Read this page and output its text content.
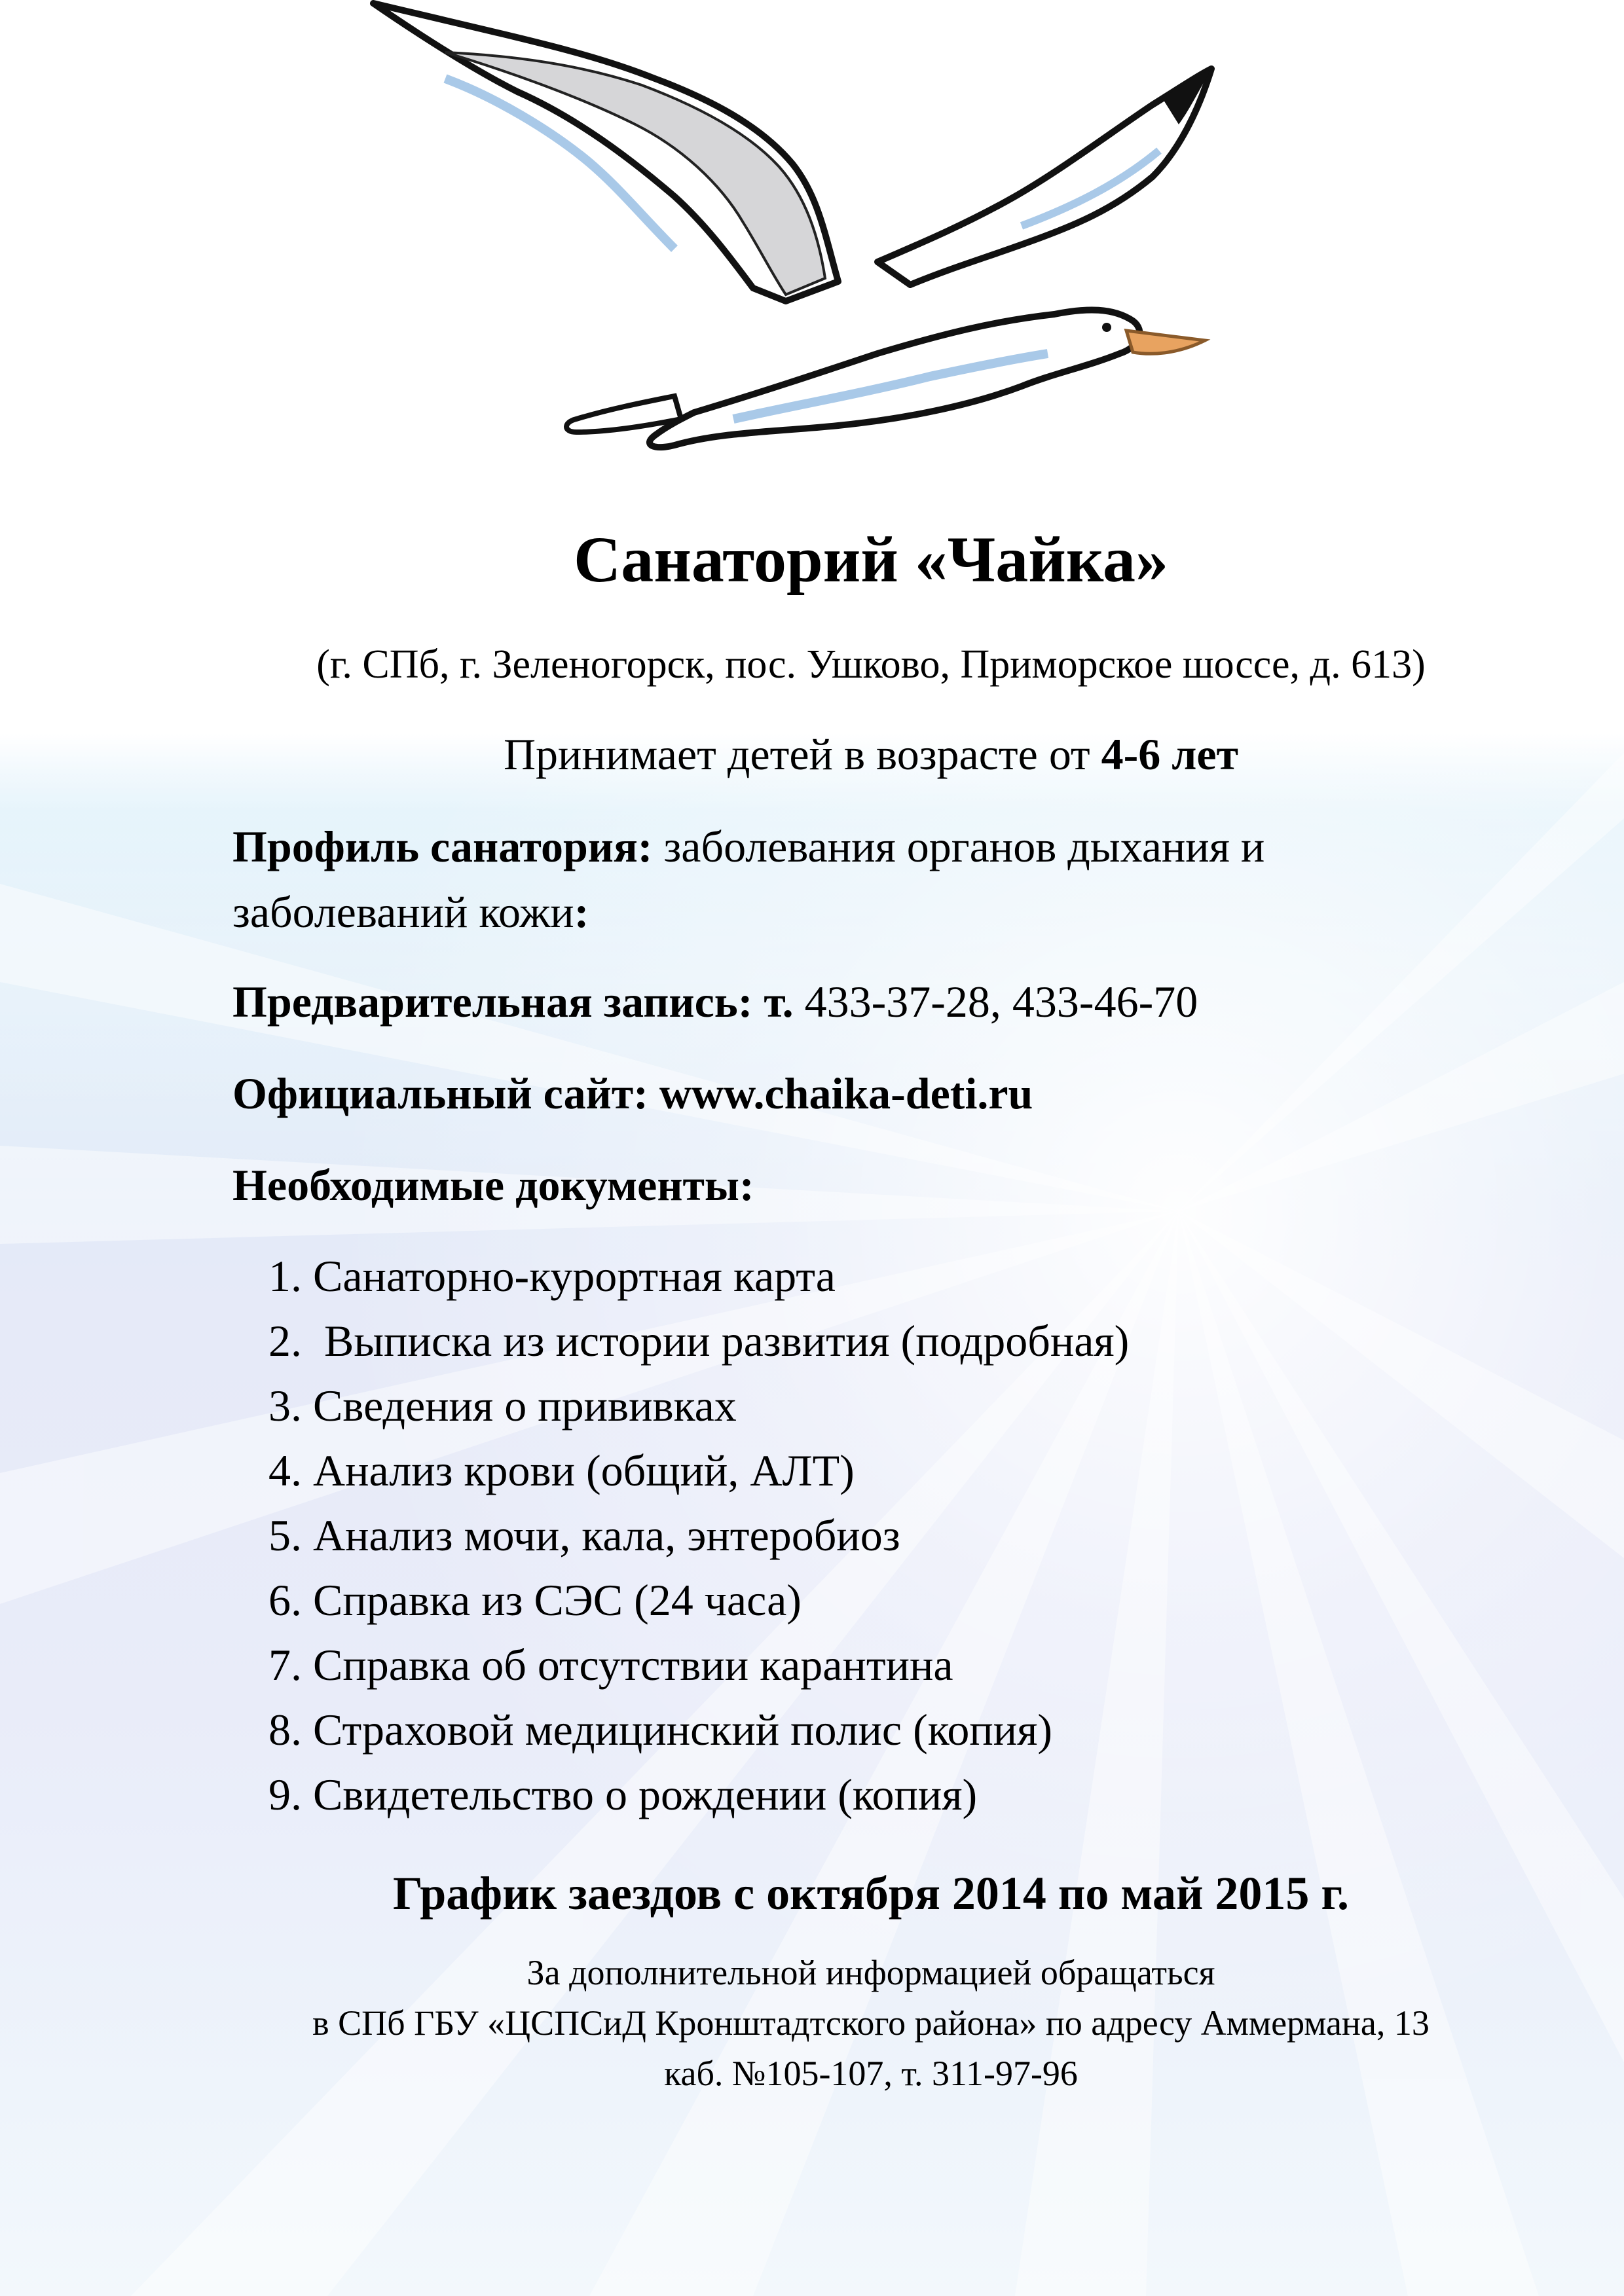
Санаторий «Чайка»
(г. СПб, г. Зеленогорск, пос. Ушково, Приморское шоссе, д. 613)
Принимает детей в возрасте от 4-6 лет
Профиль санатория: заболевания органов дыхания и заболеваний кожи:
Предварительная запись: т. 433-37-28, 433-46-70
Официальный сайт: www.chaika-deti.ru
Необходимые документы:
1. Санаторно-курортная карта
2.  Выписка из истории развития (подробная)
3. Сведения о прививках
4. Анализ крови (общий, АЛТ)
5. Анализ мочи, кала, энтеробиоз
6. Справка из СЭС (24 часа)
7. Справка об отсутствии карантина
8. Страховой медицинский полис (копия)
9. Свидетельство о рождении (копия)
График заездов с октября 2014 по май 2015 г.
За дополнительной информацией обращаться
в СПб ГБУ «ЦСПСиД Кронштадтского района» по адресу Аммермана, 13
каб. №105-107, т. 311-97-96
